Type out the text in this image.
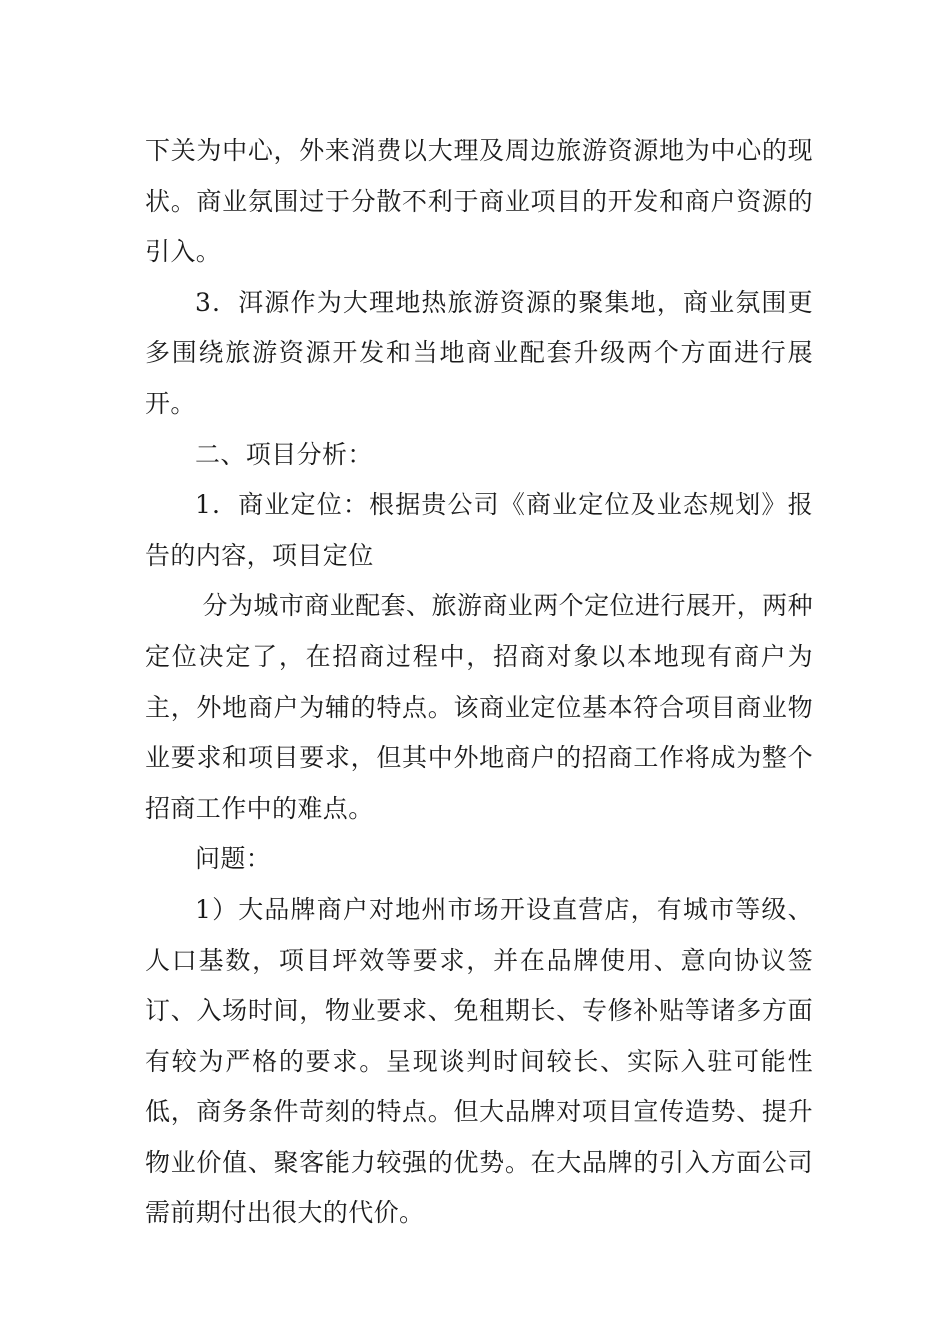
下关为中心，外来消费以大理及周边旅游资源地为中心的现状。商业氛围过于分散不利于商业项目的开发和商户资源的引入。

3．洱源作为大理地热旅游资源的聚集地，商业氛围更多围绕旅游资源开发和当地商业配套升级两个方面进行展开。

二、项目分析：

1．商业定位：根据贵公司《商业定位及业态规划》报告的内容，项目定位

分为城市商业配套、旅游商业两个定位进行展开，两种定位决定了，在招商过程中，招商对象以本地现有商户为主，外地商户为辅的特点。该商业定位基本符合项目商业物业要求和项目要求，但其中外地商户的招商工作将成为整个招商工作中的难点。

问题：

1）大品牌商户对地州市场开设直营店，有城市等级、人口基数，项目坪效等要求，并在品牌使用、意向协议签订、入场时间，物业要求、免租期长、专修补贴等诸多方面有较为严格的要求。呈现谈判时间较长、实际入驻可能性低，商务条件苛刻的特点。但大品牌对项目宣传造势、提升物业价值、聚客能力较强的优势。在大品牌的引入方面公司需前期付出很大的代价。
